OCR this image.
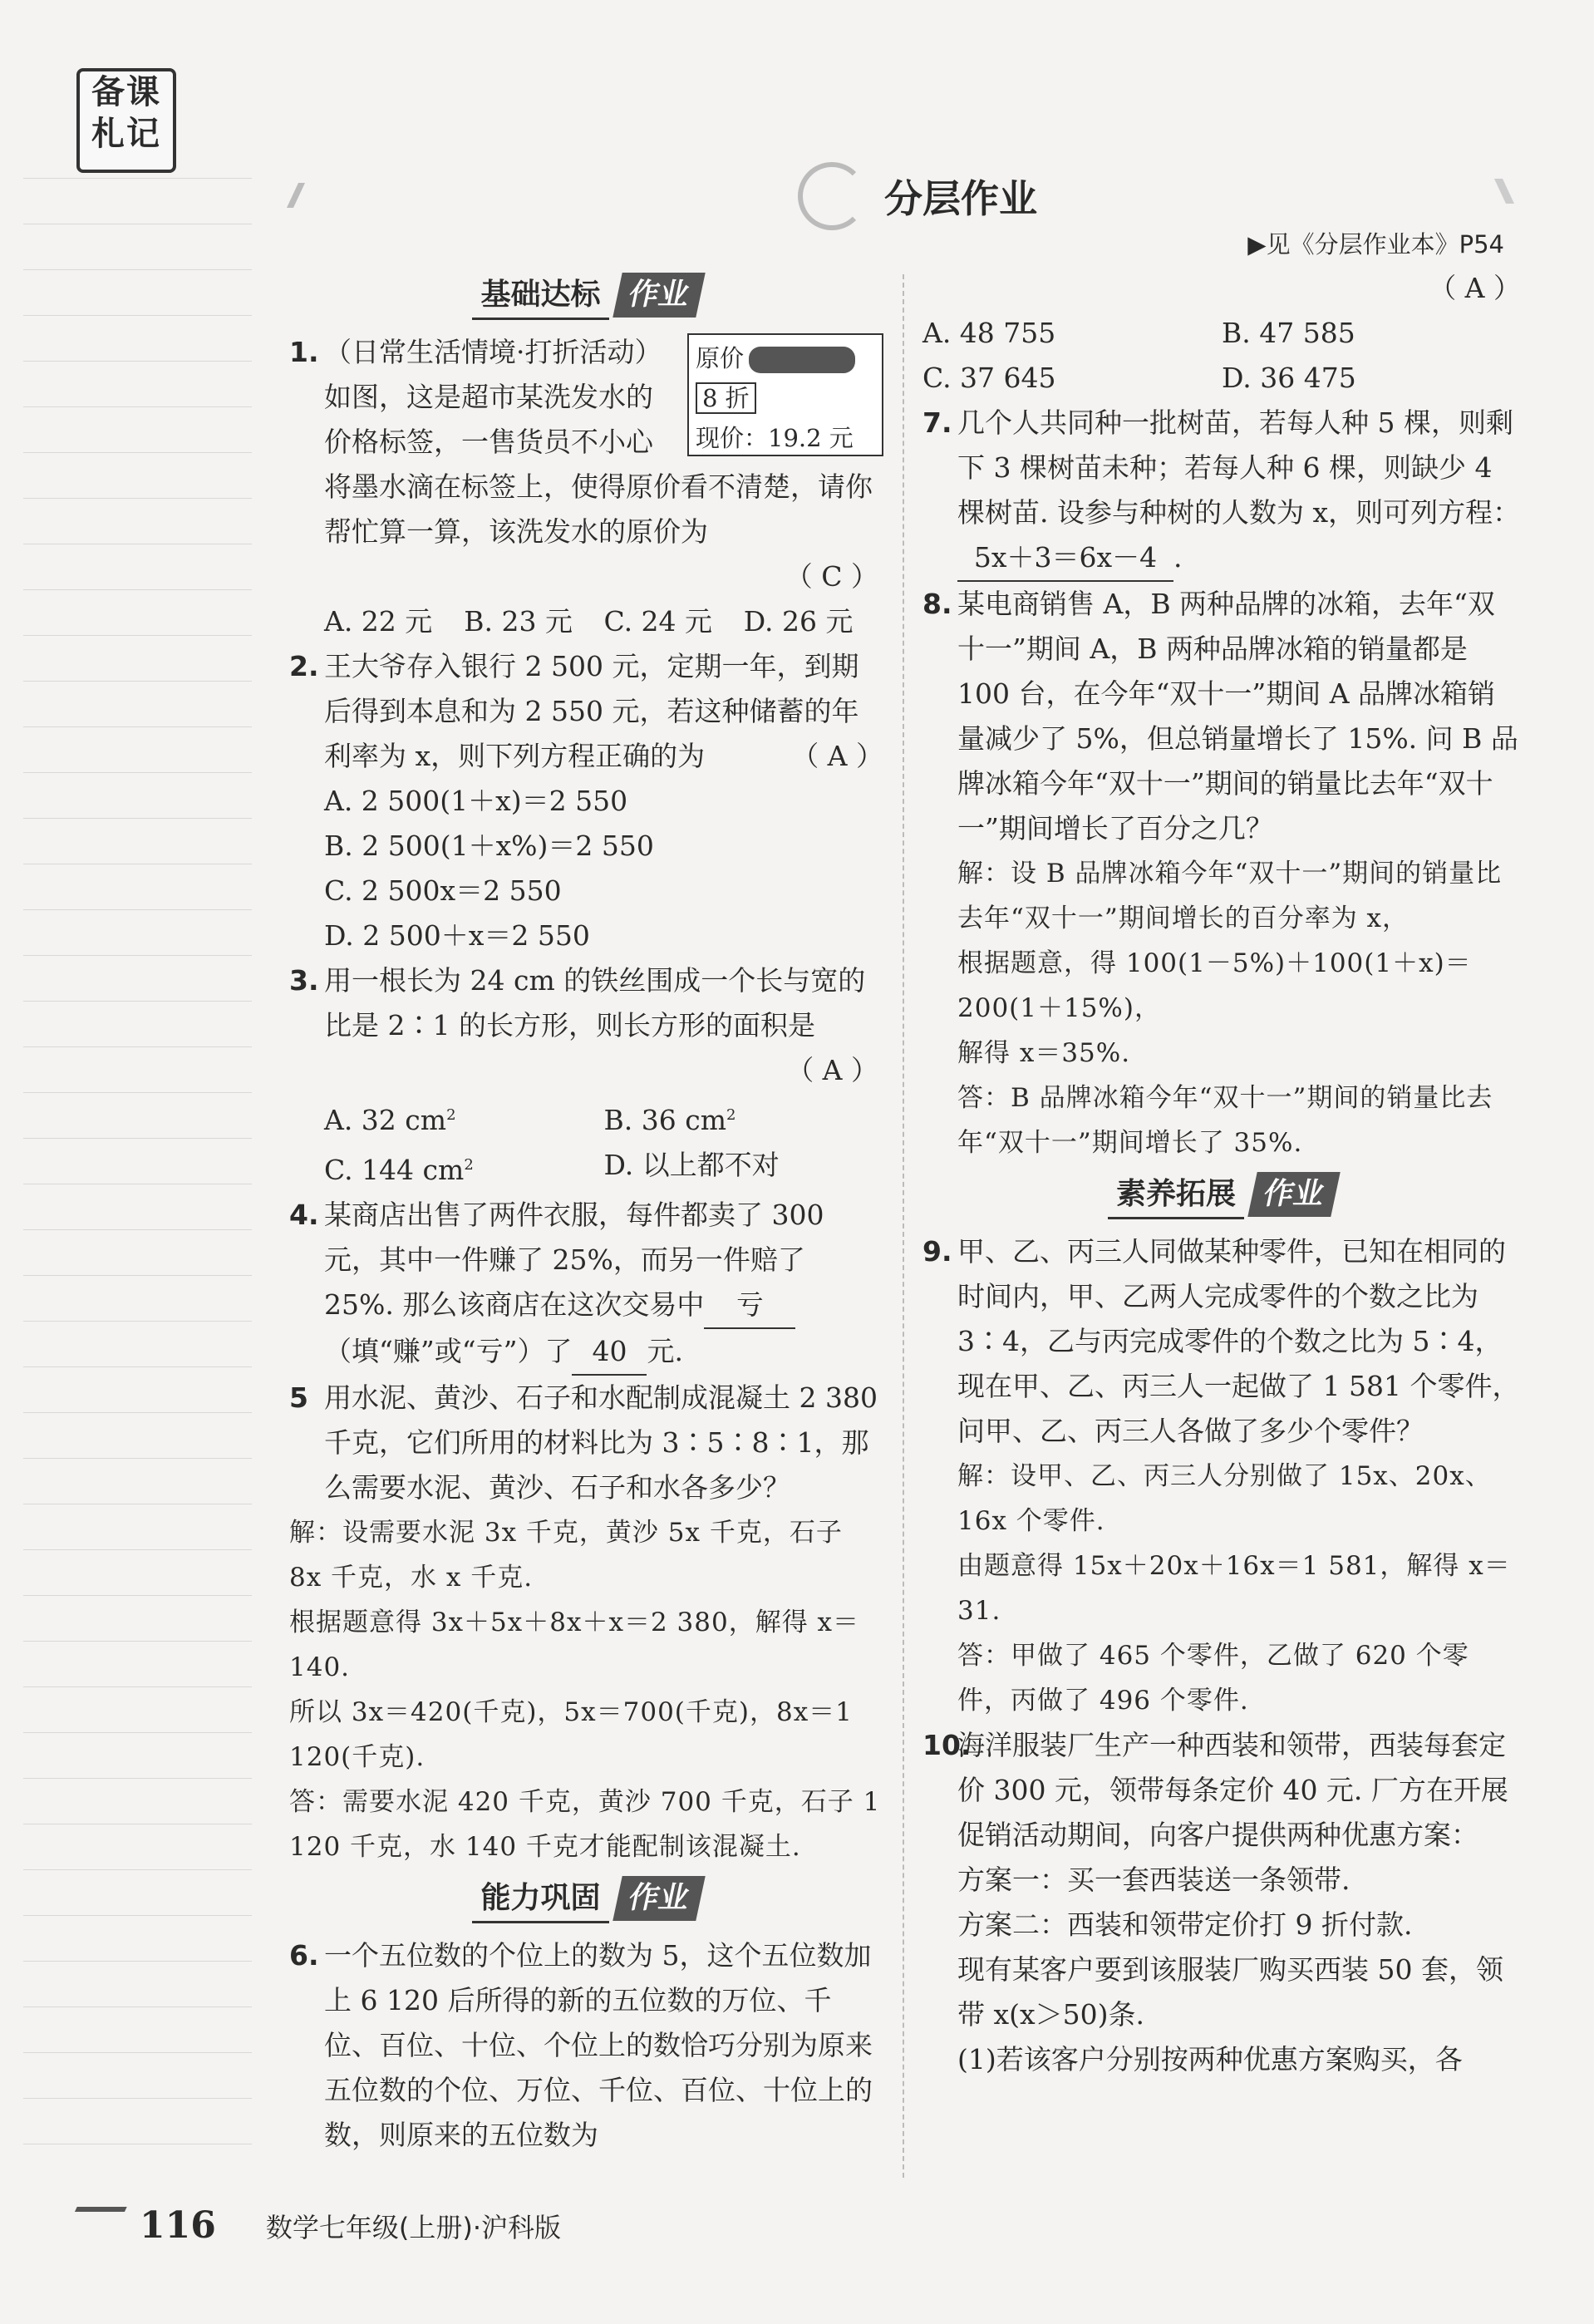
备课
札记
分层作业
▶见《分层作业本》P54
基础达标 作业
1.	原价
8 折
现价：19.2 元
（日常生活情境·打折活动）如图，这是超市某洗发水的价格标签，一售货员不小心将墨水滴在标签上，使得原价看不清楚，请你帮忙算一算，该洗发水的原价为
（ C ）
A. 22 元	B. 23 元	C. 24 元	D. 26 元
2. 王大爷存入银行 2 500 元，定期一年，到期后得到本息和为 2 550 元，若这种储蓄的年利率为 x，则下列方程正确的为	（ A ）
A. 2 500(1＋x)＝2 550
B. 2 500(1＋x%)＝2 550
C. 2 500x＝2 550
D. 2 500＋x＝2 550
3. 用一根长为 24 cm 的铁丝围成一个长与宽的比是 2∶1 的长方形，则长方形的面积是
（ A ）
A. 32 $cm^2$	B. 36 $cm^2$
C. 144 $cm^2$	D. 以上都不对
4. 某商店出售了两件衣服，每件都卖了 300 元，其中一件赚了 25%，而另一件赔了 25%. 那么该商店在这次交易中 亏（填“赚”或“亏”）了 40 元.
5 用水泥、黄沙、石子和水配制成混凝土 2 380 千克，它们所用的材料比为 3∶5∶8∶1，那么需要水泥、黄沙、石子和水各多少？
解：设需要水泥 3x 千克，黄沙 5x 千克，石子 8x 千克，水 x 千克.
根据题意得 3x＋5x＋8x＋x＝2 380，解得 x＝140.
所以 3x＝420(千克)，5x＝700(千克)，8x＝1 120(千克).
答：需要水泥 420 千克，黄沙 700 千克，石子 1 120 千克，水 140 千克才能配制该混凝土.
能力巩固 作业
6. 一个五位数的个位上的数为 5，这个五位数加上 6 120 后所得的新的五位数的万位、千位、百位、十位、个位上的数恰巧分别为原来五位数的个位、万位、千位、百位、十位上的数，则原来的五位数为
（ A ）
A. 48 755	B. 47 585
C. 37 645	D. 36 475
7. 几个人共同种一批树苗，若每人种 5 棵，则剩下 3 棵树苗未种；若每人种 6 棵，则缺少 4 棵树苗. 设参与种树的人数为 x，则可列方程：5x＋3＝6x－4 .
8. 某电商销售 A，B 两种品牌的冰箱，去年“双十一”期间 A，B 两种品牌冰箱的销量都是 100 台，在今年“双十一”期间 A 品牌冰箱销量减少了 5%，但总销量增长了 15%. 问 B 品牌冰箱今年“双十一”期间的销量比去年“双十一”期间增长了百分之几？
解：设 B 品牌冰箱今年“双十一”期间的销量比去年“双十一”期间增长的百分率为 x，
根据题意，得 100(1－5%)＋100(1＋x)＝200(1＋15%)，
解得 x＝35%.
答：B 品牌冰箱今年“双十一”期间的销量比去年“双十一”期间增长了 35%.
素养拓展 作业
9. 甲、乙、丙三人同做某种零件，已知在相同的时间内，甲、乙两人完成零件的个数之比为 3∶4，乙与丙完成零件的个数之比为 5∶4，现在甲、乙、丙三人一起做了 1 581 个零件，问甲、乙、丙三人各做了多少个零件？
解：设甲、乙、丙三人分别做了 15x、20x、16x 个零件.
由题意得 15x＋20x＋16x＝1 581，解得 x＝31.
答：甲做了 465 个零件，乙做了 620 个零件，丙做了 496 个零件.
10.
海洋服装厂生产一种西装和领带，西装每套定价 300 元，领带每条定价 40 元. 厂方在开展促销活动期间，向客户提供两种优惠方案：
方案一：买一套西装送一条领带.
方案二：西装和领带定价打 9 折付款.
现有某客户要到该服装厂购买西装 50 套，领带 x(x＞50)条.
(1)若该客户分别按两种优惠方案购买，各
116 数学七年级(上册)·沪科版
